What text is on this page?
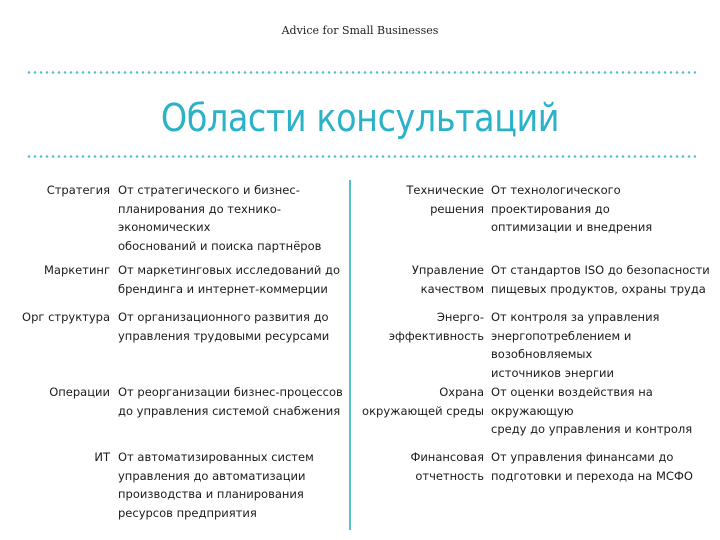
Advice for Small Businesses
Области консультаций
Стратегия От стратегического и бизнес-
планирования до технико-
экономических
обоснований и поиска партнёров
Маркетинг От маркетинговых исследований до
брендинга и интернет-коммерции
Орг структура От организационного развития до
управления трудовыми ресурсами
Операции От реорганизации бизнес-процессов
до управления системой снабжения
ИТ От автоматизированных систем
управления до автоматизации
производства и планирования
ресурсов предприятия
Технические
решения
От технологического
проектирования до
оптимизации и внедрения
Управление
качеством
От стандартов ISO до безопасности
пищевых продуктов, охраны труда
Энерго-
эффективность
От контроля за управления
энергопотреблением и
возобновляемых
источников энергии
Охрана
окружающей среды
От оценки воздействия на
окружающую
среду до управления и контроля
Финансовая
отчетность
От управления финансами до
подготовки и перехода на МСФО
